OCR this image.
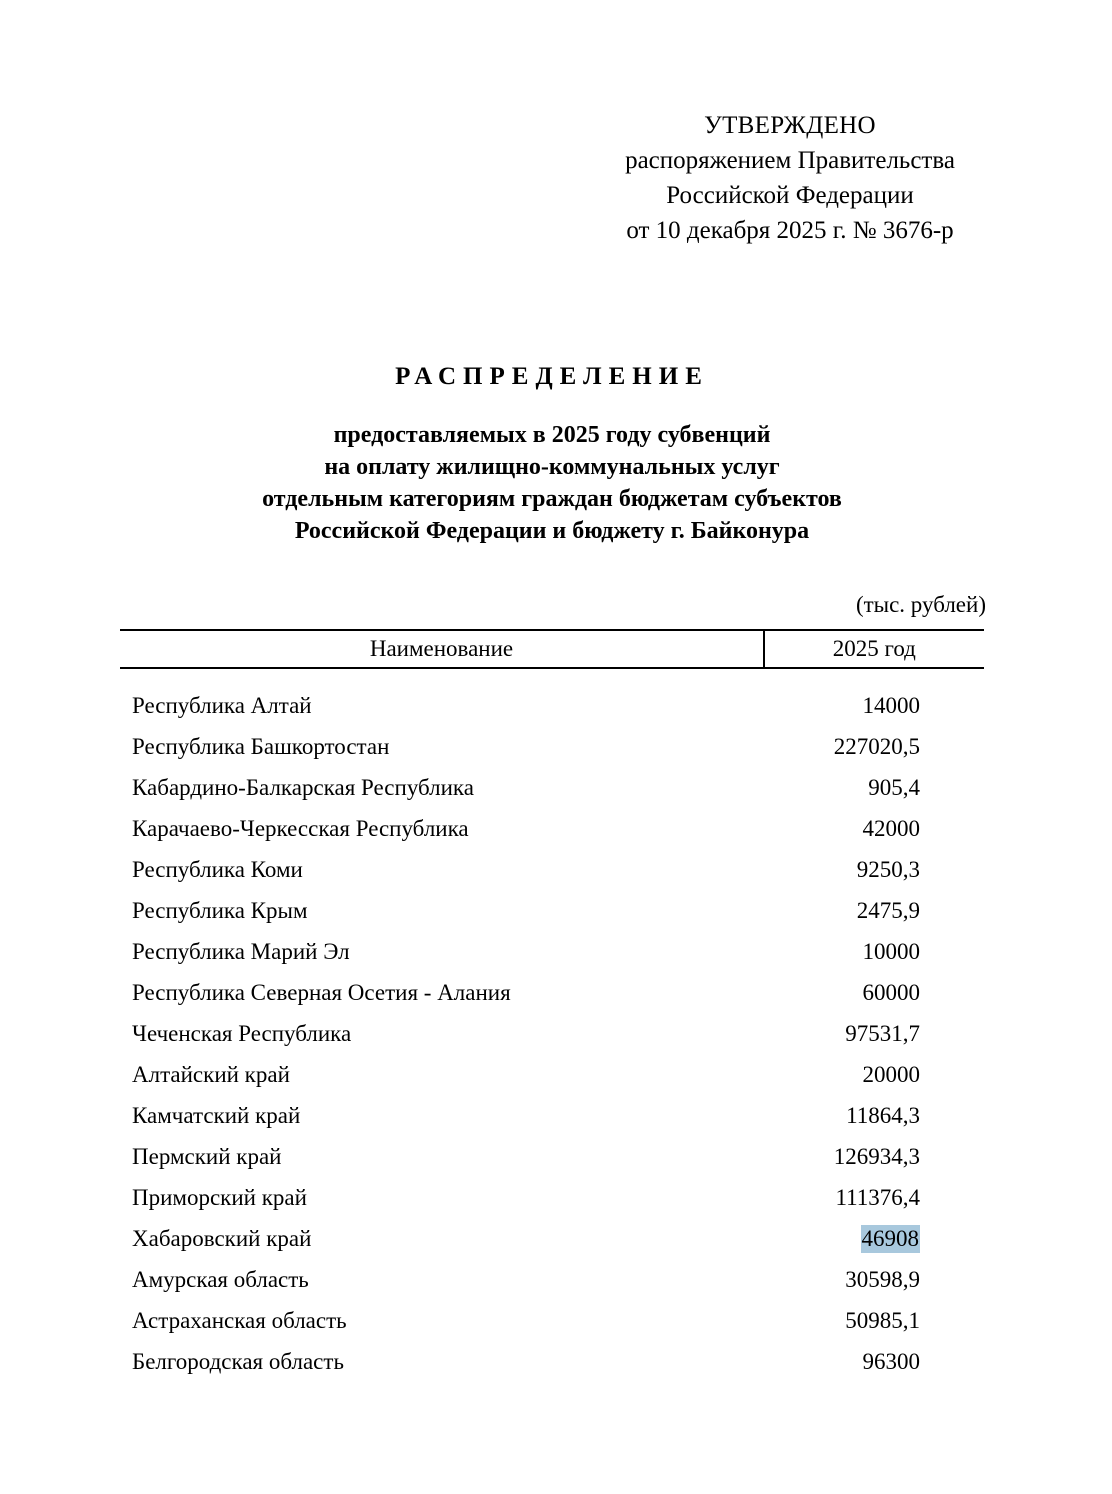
УТВЕРЖДЕНО
распоряжением Правительства
Российской Федерации
от 10 декабря 2025 г. № 3676-р
РАСПРЕДЕЛЕНИЕ
предоставляемых в 2025 году субвенций
на оплату жилищно-коммунальных услуг
отдельным категориям граждан бюджетам субъектов
Российской Федерации и бюджету г. Байконура
(тыс. рублей)
Наименование	2025 год
Республика Алтай	14000
Республика Башкортостан	227020,5
Кабардино-Балкарская Республика	905,4
Карачаево-Черкесская Республика	42000
Республика Коми	9250,3
Республика Крым	2475,9
Республика Марий Эл	10000
Республика Северная Осетия - Алания	60000
Чеченская Республика	97531,7
Алтайский край	20000
Камчатский край	11864,3
Пермский край	126934,3
Приморский край	111376,4
Хабаровский край	46908
Амурская область	30598,9
Астраханская область	50985,1
Белгородская область	96300
